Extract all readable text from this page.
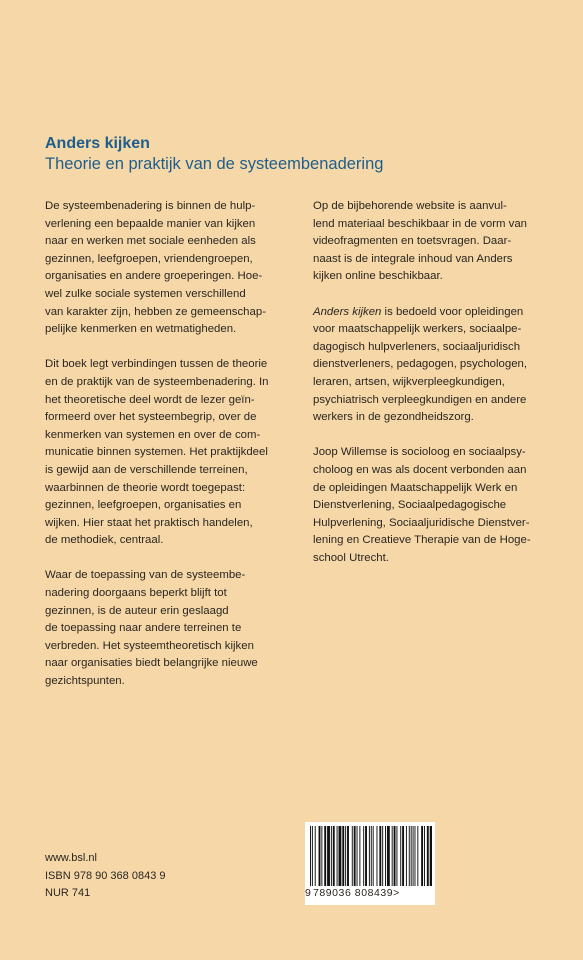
Anders kijken
Theorie en praktijk van de systeembenadering

De systeembenadering is binnen de hulp-
verlening een bepaalde manier van kijken
naar en werken met sociale eenheden als
gezinnen, leefgroepen, vriendengroepen,
organisaties en andere groeperingen. Hoe-
wel zulke sociale systemen verschillend
van karakter zijn, hebben ze gemeenschap-
pelijke kenmerken en wetmatigheden.

Dit boek legt verbindingen tussen de theorie
en de praktijk van de systeembenadering. In
het theoretische deel wordt de lezer geïn-
formeerd over het systeembegrip, over de
kenmerken van systemen en over de com-
municatie binnen systemen. Het praktijkdeel
is gewijd aan de verschillende terreinen,
waarbinnen de theorie wordt toegepast:
gezinnen, leefgroepen, organisaties en
wijken. Hier staat het praktisch handelen,
de methodiek, centraal.

Waar de toepassing van de systeembe-
nadering doorgaans beperkt blijft tot
gezinnen, is de auteur erin geslaagd
de toepassing naar andere terreinen te
verbreden. Het systeemtheoretisch kijken
naar organisaties biedt belangrijke nieuwe
gezichtspunten.

Op de bijbehorende website is aanvul-
lend materiaal beschikbaar in de vorm van
videofragmenten en toetsvragen. Daar-
naast is de integrale inhoud van Anders
kijken online beschikbaar.

Anders kijken is bedoeld voor opleidingen
voor maatschappelijk werkers, sociaalpe-
dagogisch hulpverleners, sociaaljuridisch
dienstverleners, pedagogen, psychologen,
leraren, artsen, wijkverpleegkundigen,
psychiatrisch verpleegkundigen en andere
werkers in de gezondheidszorg.

Joop Willemse is socioloog en sociaalpsy-
choloog en was als docent verbonden aan
de opleidingen Maatschappelijk Werk en
Dienstverlening, Sociaalpedagogische
Hulpverlening, Sociaaljuridische Dienstver-
lening en Creatieve Therapie van de Hoge-
school Utrecht.

www.bsl.nl
ISBN 978 90 368 0843 9
NUR 741	9 789036 808439>
